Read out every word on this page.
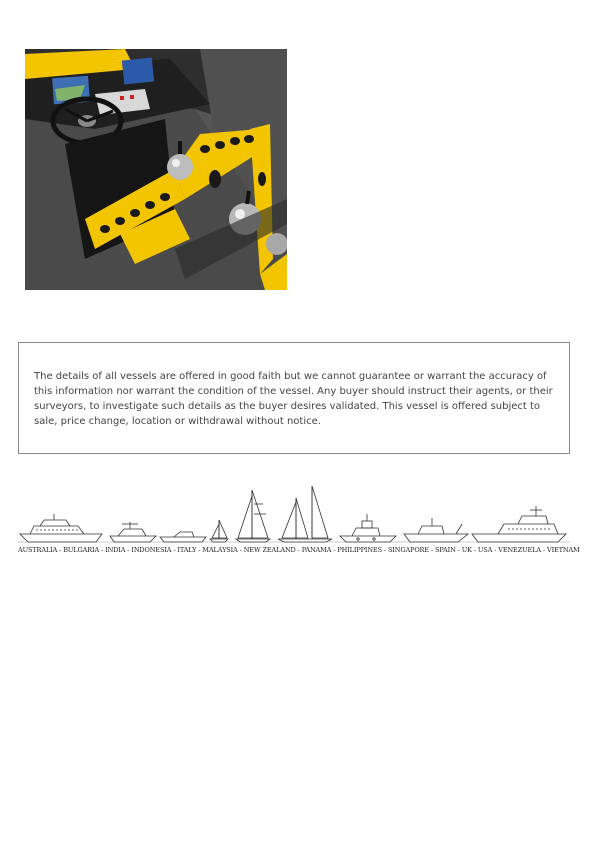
The details of all vessels are offered in good faith but we cannot guarantee or warrant the accuracy of this information nor warrant the condition of the vessel. Any buyer should instruct their agents, or their surveyors, to investigate such details as the buyer desires validated. This vessel is offered subject to sale, price change, location or withdrawal without notice.

AUSTRALIA - BULGARIA - INDIA - INDONESIA - ITALY - MALAYSIA - NEW ZEALAND - PANAMA - PHILIPPINES - SINGAPORE - SPAIN - UK - USA - VENEZUELA - VIETNAM
